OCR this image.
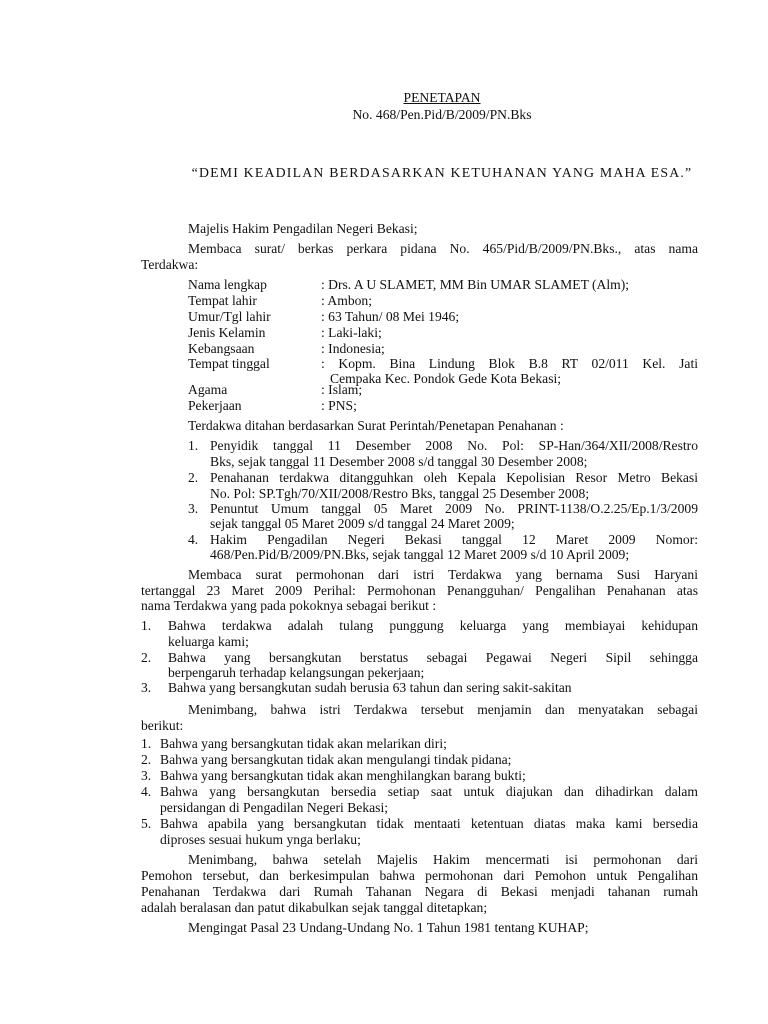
PENETAPAN
No. 468/Pen.Pid/B/2009/PN.Bks
“DEMI KEADILAN BERDASARKAN KETUHANAN YANG MAHA ESA.”
Majelis Hakim Pengadilan Negeri Bekasi;
Membaca surat/ berkas perkara pidana No. 465/Pid/B/2009/PN.Bks., atas nama
Terdakwa:
Nama lengkap	: Drs. A U SLAMET, MM Bin UMAR SLAMET (Alm);
Tempat lahir	: Ambon;
Umur/Tgl lahir	: 63 Tahun/ 08 Mei 1946;
Jenis Kelamin	: Laki-laki;
Kebangsaan	: Indonesia;
Tempat tinggal	: Kopm. Bina Lindung Blok B.8 RT 02/011 Kel. Jati
Cempaka Kec. Pondok Gede Kota Bekasi;
Agama	: Islam;
Pekerjaan	: PNS;
Terdakwa ditahan berdasarkan Surat Perintah/Penetapan Penahanan :
1. Penyidik tanggal 11 Desember 2008 No. Pol: SP-Han/364/XII/2008/Restro
Bks, sejak tanggal 11 Desember 2008 s/d tanggal 30 Desember 2008;
2. Penahanan terdakwa ditangguhkan oleh Kepala Kepolisian Resor Metro Bekasi
No. Pol: SP.Tgh/70/XII/2008/Restro Bks, tanggal 25 Desember 2008;
3. Penuntut Umum tanggal 05 Maret 2009 No. PRINT-1138/O.2.25/Ep.1/3/2009
sejak tanggal 05 Maret 2009 s/d tanggal 24 Maret 2009;
4. Hakim Pengadilan Negeri Bekasi tanggal 12 Maret 2009 Nomor:
468/Pen.Pid/B/2009/PN.Bks, sejak tanggal 12 Maret 2009 s/d 10 April 2009;
Membaca surat permohonan dari istri Terdakwa yang bernama Susi Haryani
tertanggal 23 Maret 2009 Perihal: Permohonan Penangguhan/ Pengalihan Penahanan atas
nama Terdakwa yang pada pokoknya sebagai berikut :
1. Bahwa terdakwa adalah tulang punggung keluarga yang membiayai kehidupan
keluarga kami;
2. Bahwa yang bersangkutan berstatus sebagai Pegawai Negeri Sipil sehingga
berpengaruh terhadap kelangsungan pekerjaan;
3. Bahwa yang bersangkutan sudah berusia 63 tahun dan sering sakit-sakitan
Menimbang, bahwa istri Terdakwa tersebut menjamin dan menyatakan sebagai
berikut:
1. Bahwa yang bersangkutan tidak akan melarikan diri;
2. Bahwa yang bersangkutan tidak akan mengulangi tindak pidana;
3. Bahwa yang bersangkutan tidak akan menghilangkan barang bukti;
4. Bahwa yang bersangkutan bersedia setiap saat untuk diajukan dan dihadirkan dalam
persidangan di Pengadilan Negeri Bekasi;
5. Bahwa apabila yang bersangkutan tidak mentaati ketentuan diatas maka kami bersedia
diproses sesuai hukum ynga berlaku;
Menimbang, bahwa setelah Majelis Hakim mencermati isi permohonan dari
Pemohon tersebut, dan berkesimpulan bahwa permohonan dari Pemohon untuk Pengalihan
Penahanan Terdakwa dari Rumah Tahanan Negara di Bekasi menjadi tahanan rumah
adalah beralasan dan patut dikabulkan sejak tanggal ditetapkan;
Mengingat Pasal 23 Undang-Undang No. 1 Tahun 1981 tentang KUHAP;
